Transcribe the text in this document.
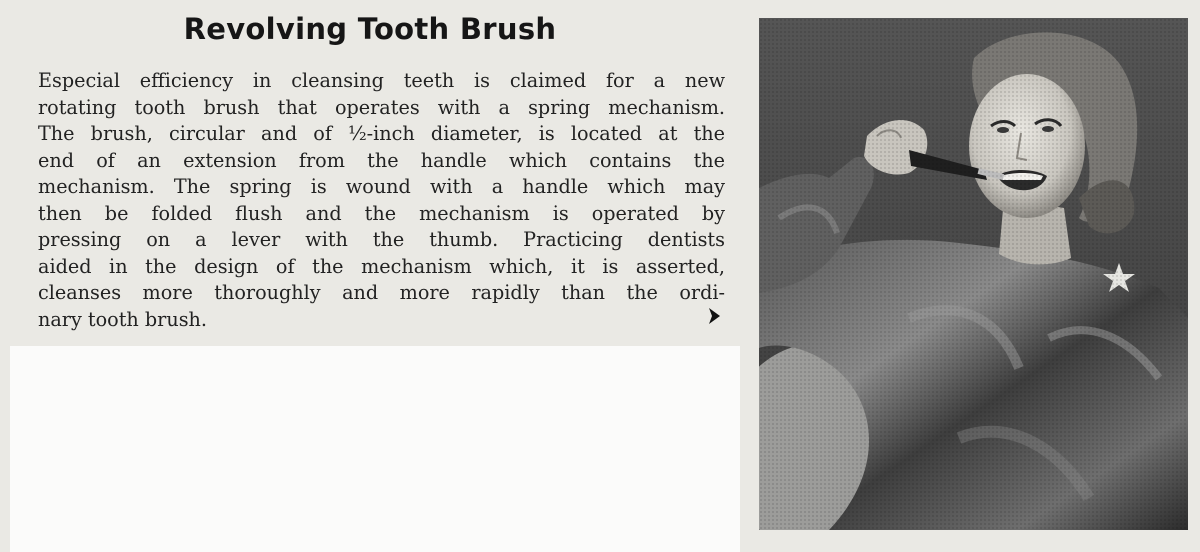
Revolving Tooth Brush

Especial efficiency in cleansing teeth is claimed for a new
rotating tooth brush that operates with a spring mechanism.
The brush, circular and of ½-inch diameter, is located at the
end of an extension from the handle which contains the
mechanism. The spring is wound with a handle which may
then be folded flush and the mechanism is operated by
pressing on a lever with the thumb. Practicing dentists
aided in the design of the mechanism which, it is asserted,
cleanses more thoroughly and more rapidly than the ordi-
nary tooth brush.
